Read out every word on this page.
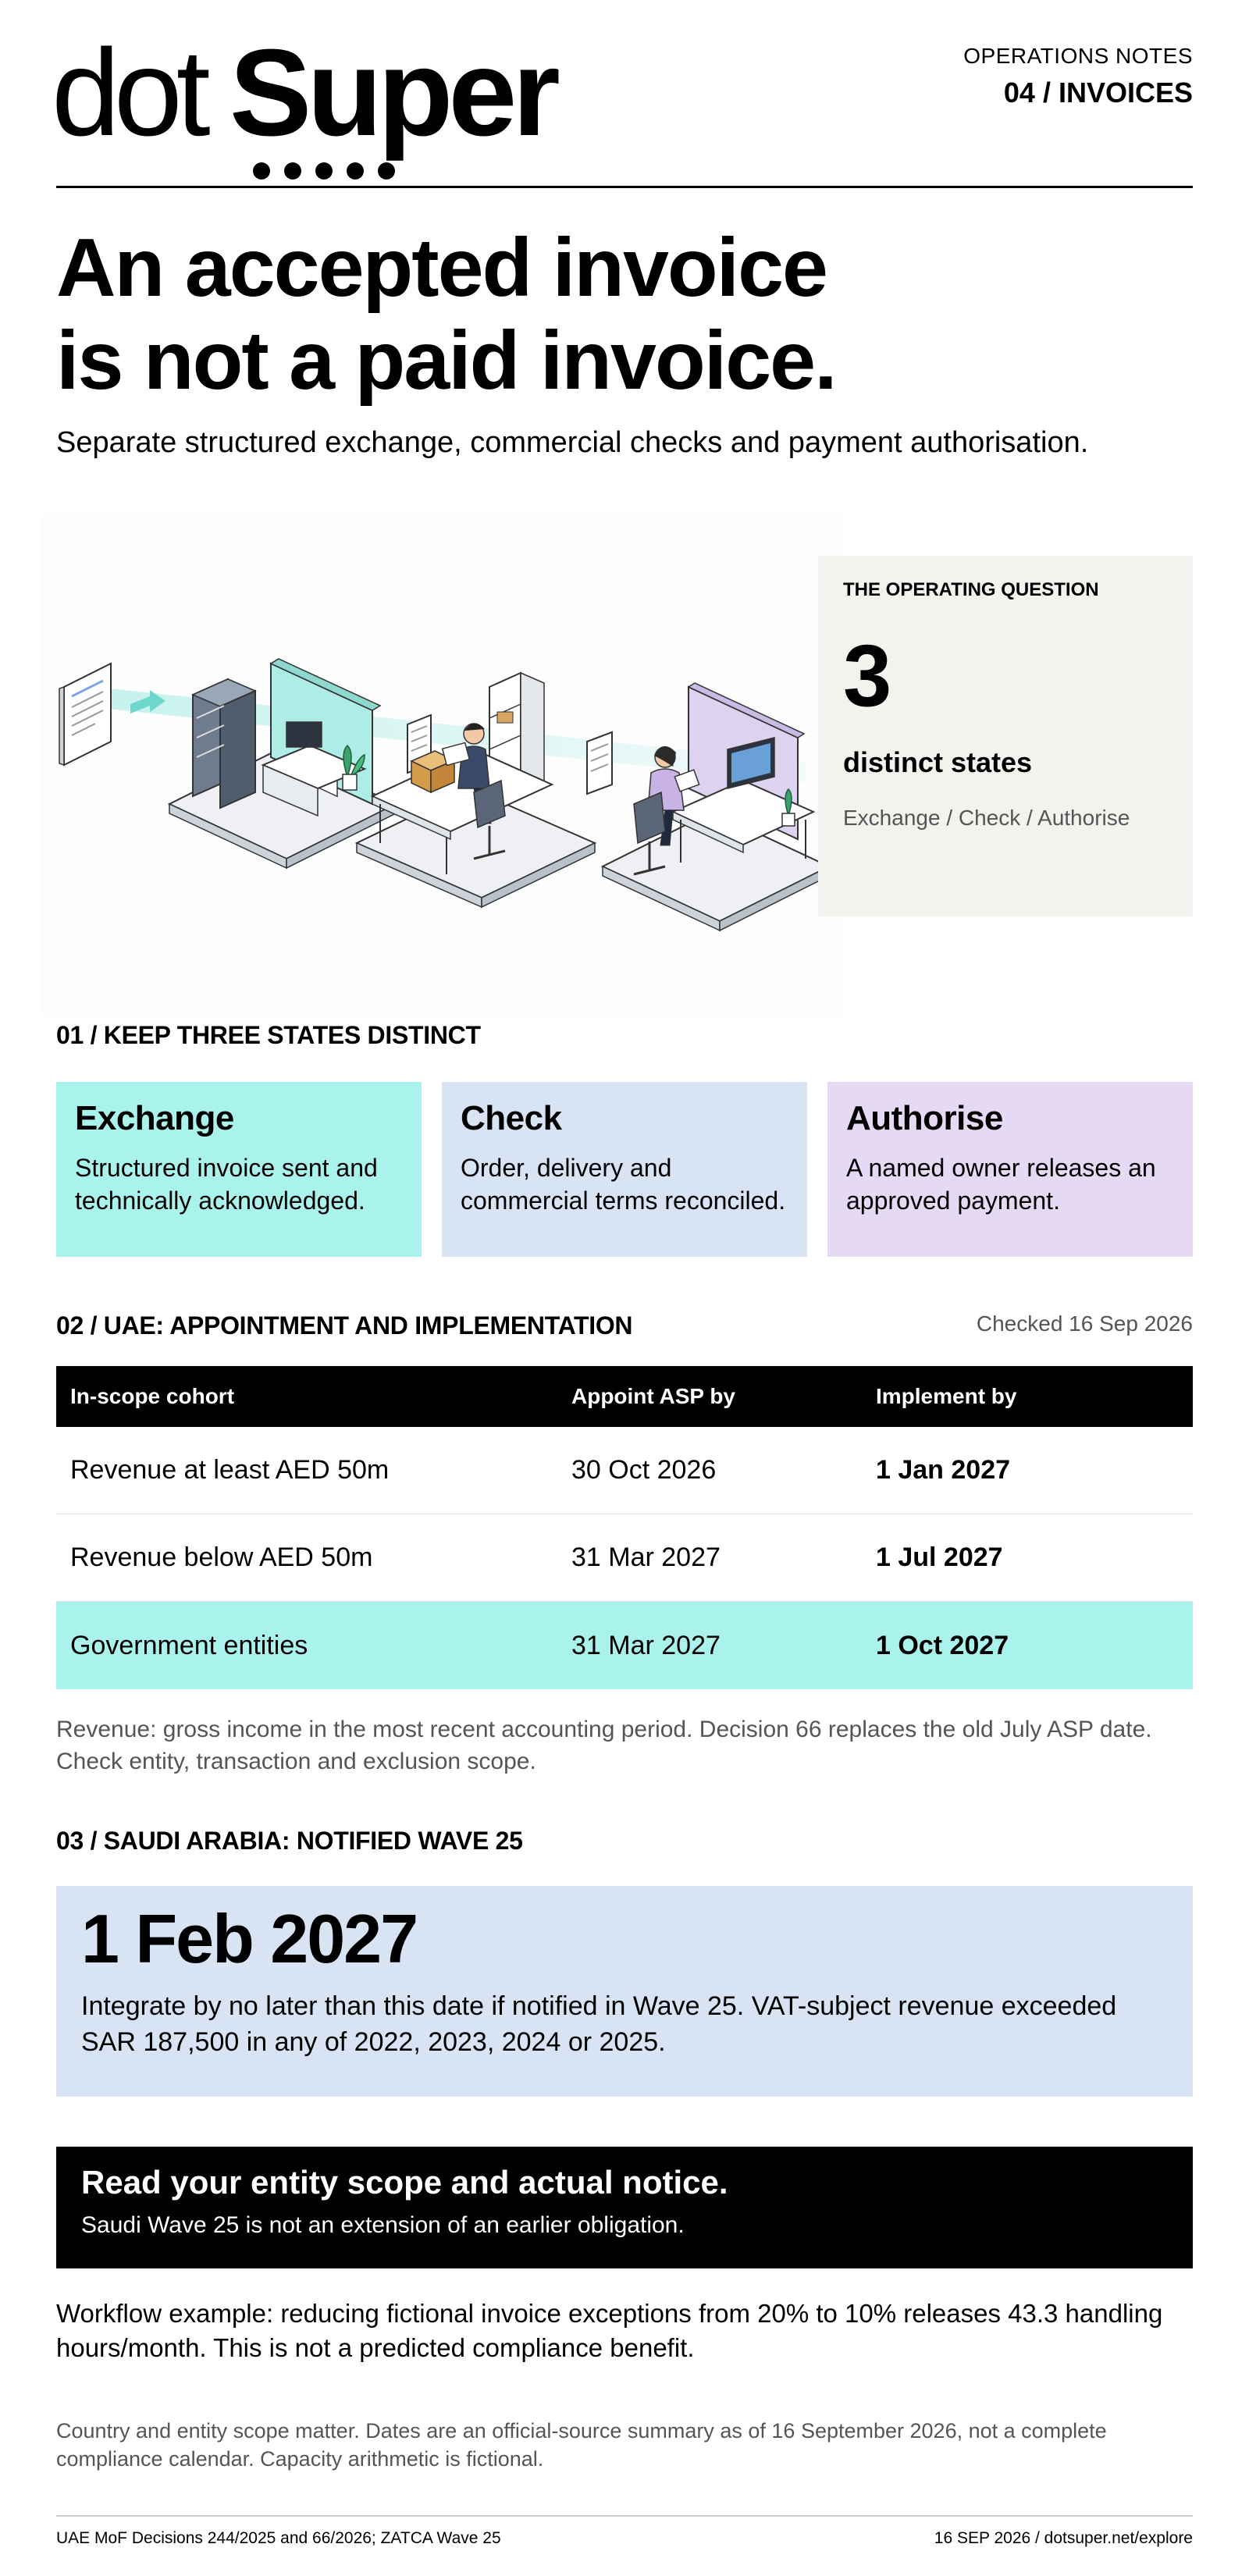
dot Super	OPERATIONS NOTES
04 / INVOICES
An accepted invoice
is not a paid invoice.
Separate structured exchange, commercial checks and payment authorisation.
THE OPERATING QUESTION
3
distinct states
Exchange / Check / Authorise
01 / KEEP THREE STATES DISTINCT
Exchange

Structured invoice sent and technically acknowledged.

Check

Order, delivery and commercial terms reconciled.

Authorise

A named owner releases an approved payment.

02 / UAE: APPOINTMENT AND IMPLEMENTATION	Checked 16 Sep 2026
In-scope cohort	Appoint ASP by	Implement by
Revenue at least AED 50m	30 Oct 2026	1 Jan 2027
Revenue below AED 50m	31 Mar 2027	1 Jul 2027
Government entities	31 Mar 2027	1 Oct 2027
Revenue: gross income in the most recent accounting period. Decision 66 replaces the old July ASP date. Check entity, transaction and exclusion scope.
03 / SAUDI ARABIA: NOTIFIED WAVE 25
1 Feb 2027

Integrate by no later than this date if notified in Wave 25. VAT-subject revenue exceeded SAR 187,500 in any of 2022, 2023, 2024 or 2025.

Read your entity scope and actual notice.
Saudi Wave 25 is not an extension of an earlier obligation.
Workflow example: reducing fictional invoice exceptions from 20% to 10% releases 43.3 handling hours/month. This is not a predicted compliance benefit.
Country and entity scope matter. Dates are an official-source summary as of 16 September 2026, not a complete compliance calendar. Capacity arithmetic is fictional.
UAE MoF Decisions 244/2025 and 66/2026; ZATCA Wave 25	16 SEP 2026 / dotsuper.net/explore
